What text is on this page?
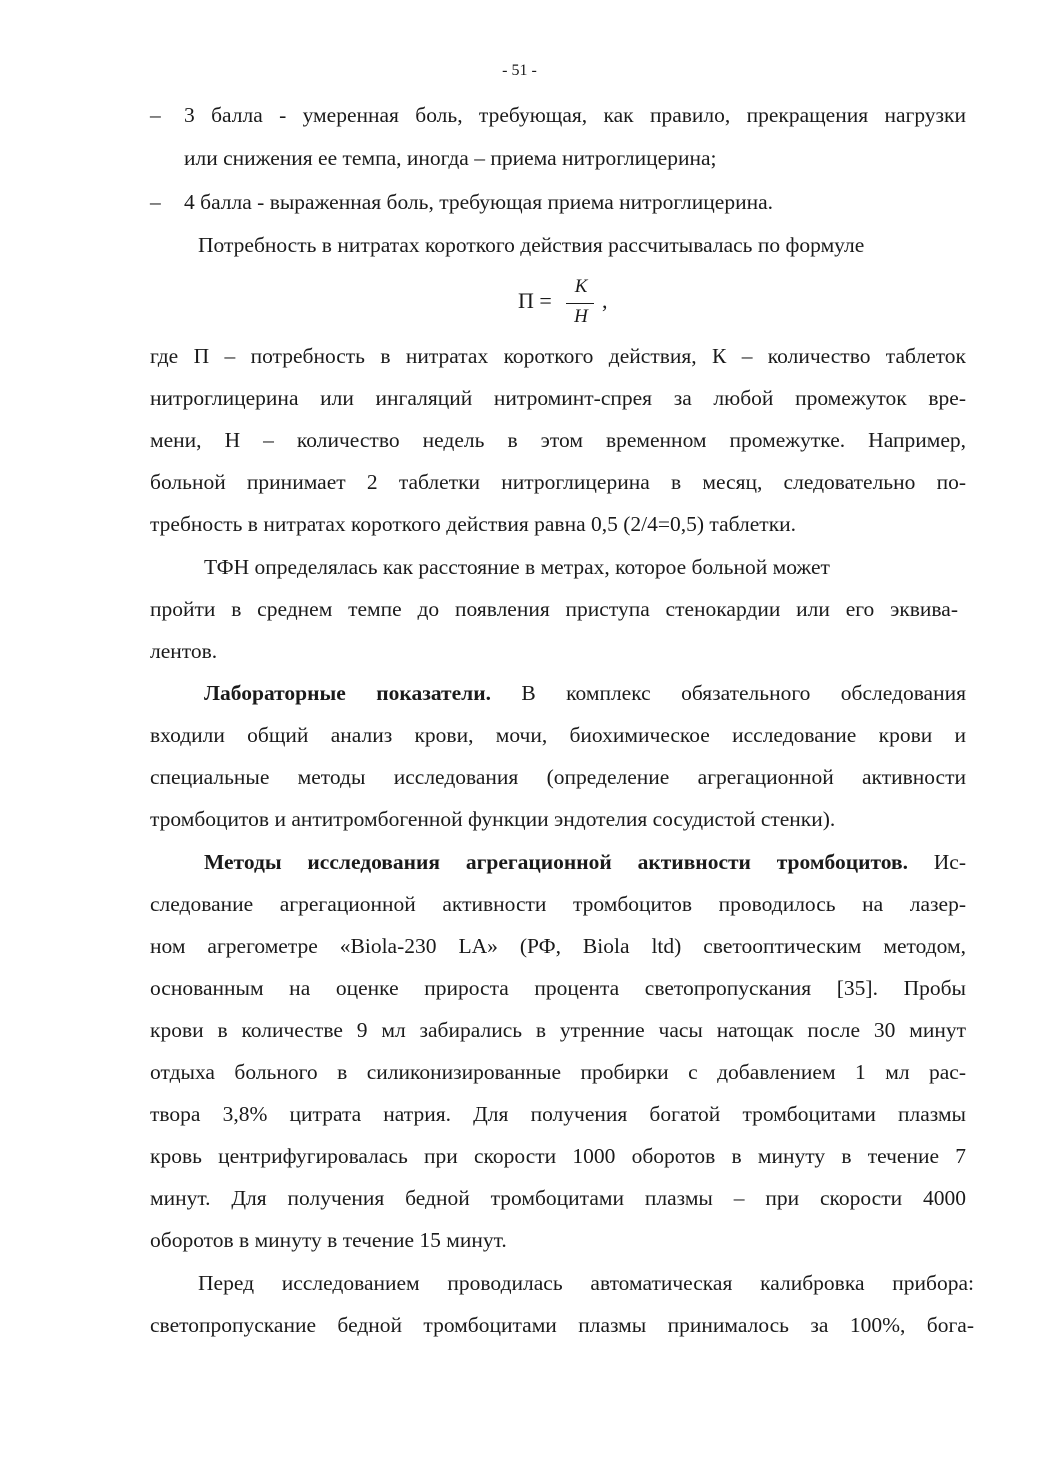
- 51 -
– 3 балла - умеренная боль, требующая, как правило, прекращения нагрузки
или снижения ее темпа, иногда – приема нитроглицерина;
– 4 балла - выраженная боль, требующая приема нитроглицерина.
Потребность в нитратах короткого действия рассчитывалась по формуле
П =
К
Н
,
где П – потребность в нитратах короткого действия, К – количество таблеток
нитроглицерина или ингаляций нитроминт-спрея за любой промежуток вре-
мени, Н – количество недель в этом временном промежутке. Например,
больной принимает 2 таблетки нитроглицерина в месяц, следовательно по-
требность в нитратах короткого действия равна 0,5 (2/4=0,5) таблетки.
ТФН определялась как расстояние в метрах, которое больной может
пройти в среднем темпе до появления приступа стенокардии или его эквива-
лентов.
Лабораторные показатели. В комплекс обязательного обследования
входили общий анализ крови, мочи, биохимическое исследование крови и
специальные методы исследования (определение агрегационной активности
тромбоцитов и антитромбогенной функции эндотелия сосудистой стенки).
Методы исследования агрегационной активности тромбоцитов. Ис-
следование агрегационной активности тромбоцитов проводилось на лазер-
ном агрегометре «Biola-230 LA» (РФ, Biola ltd) светооптическим методом,
основанным на оценке прироста процента светопропускания [35]. Пробы
крови в количестве 9 мл забирались в утренние часы натощак после 30 минут
отдыха больного в силиконизированные пробирки с добавлением 1 мл рас-
твора 3,8% цитрата натрия. Для получения богатой тромбоцитами плазмы
кровь центрифугировалась при скорости 1000 оборотов в минуту в течение 7
минут. Для получения бедной тромбоцитами плазмы – при скорости 4000
оборотов в минуту в течение 15 минут.
Перед исследованием проводилась автоматическая калибровка прибора:
светопропускание бедной тромбоцитами плазмы принималось за 100%, бога-
